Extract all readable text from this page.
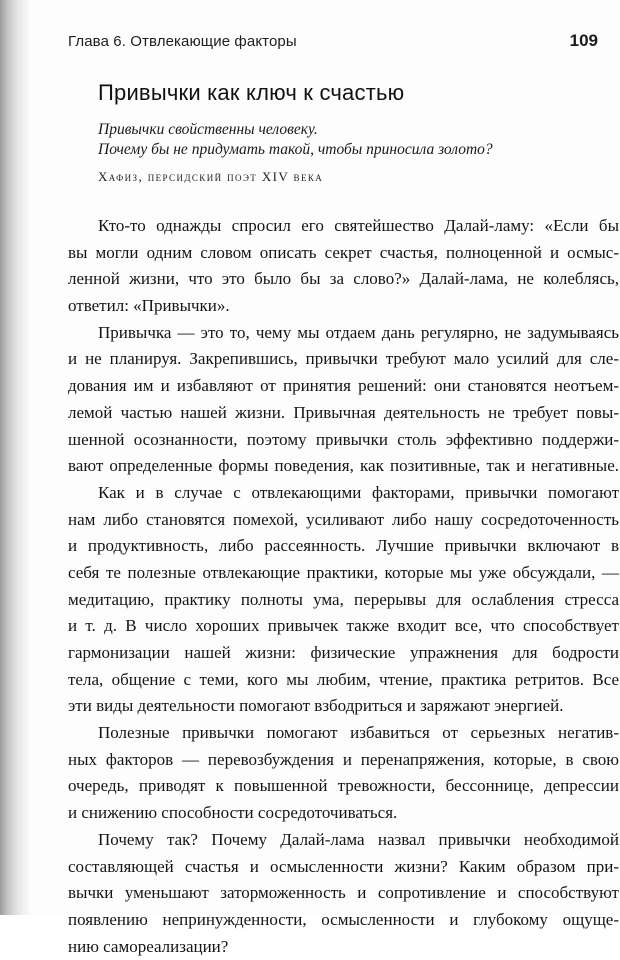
Глава 6. Отвлекающие факторы	109
Привычки как ключ к счастью
Привычки свойственны человеку.
Почему бы не придумать такой, чтобы приносила золото?
Хафиз, персидский поэт XIV века
Кто-то однажды спросил его святейшество Далай-ламу: «Если бы
вы могли одним словом описать секрет счастья, полноценной и осмыс-
ленной жизни, что это было бы за слово?» Далай-лама, не колеблясь,
ответил: «Привычки».
Привычка — это то, чему мы отдаем дань регулярно, не задумываясь
и не планируя. Закрепившись, привычки требуют мало усилий для сле-
дования им и избавляют от принятия решений: они становятся неотъем-
лемой частью нашей жизни. Привычная деятельность не требует повы-
шенной осознанности, поэтому привычки столь эффективно поддержи-
вают определенные формы поведения, как позитивные, так и негативные.
Как и в случае с отвлекающими факторами, привычки помогают
нам либо становятся помехой, усиливают либо нашу сосредоточенность
и продуктивность, либо рассеянность. Лучшие привычки включают в
себя те полезные отвлекающие практики, которые мы уже обсуждали, —
медитацию, практику полноты ума, перерывы для ослабления стресса
и т. д. В число хороших привычек также входит все, что способствует
гармонизации нашей жизни: физические упражнения для бодрости
тела, общение с теми, кого мы любим, чтение, практика ретритов. Все
эти виды деятельности помогают взбодриться и заряжают энергией.
Полезные привычки помогают избавиться от серьезных негатив-
ных факторов — перевозбуждения и перенапряжения, которые, в свою
очередь, приводят к повышенной тревожности, бессоннице, депрессии
и снижению способности сосредоточиваться.
Почему так? Почему Далай-лама назвал привычки необходимой
составляющей счастья и осмысленности жизни? Каким образом при-
вычки уменьшают заторможенность и сопротивление и способствуют
появлению непринужденности, осмысленности и глубокому ощуще-
нию самореализации?
